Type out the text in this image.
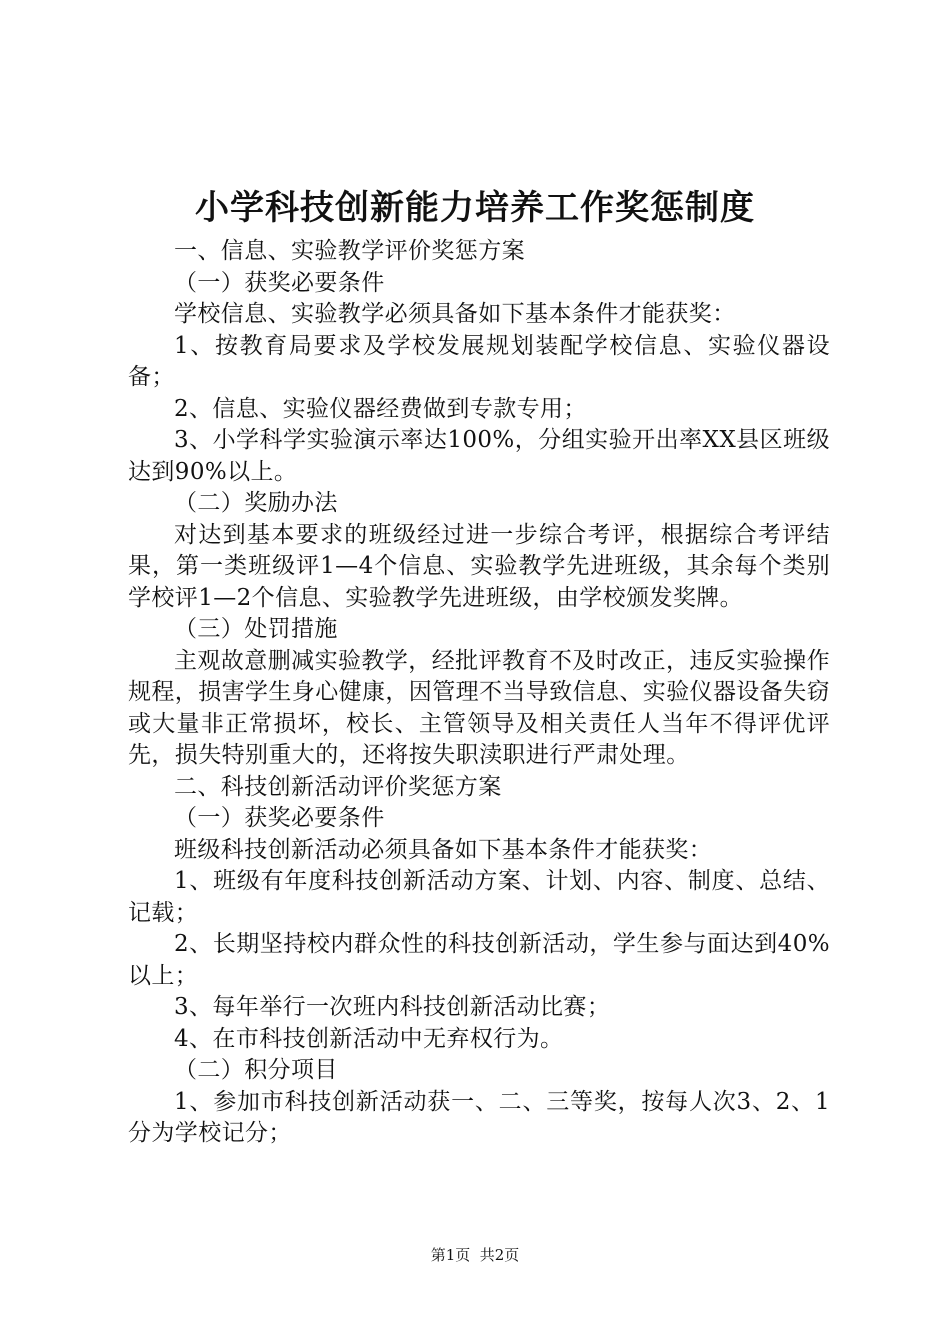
小学科技创新能力培养工作奖惩制度

一、信息、实验教学评价奖惩方案

（一）获奖必要条件

学校信息、实验教学必须具备如下基本条件才能获奖：

1、按教育局要求及学校发展规划装配学校信息、实验仪器设备；

2、信息、实验仪器经费做到专款专用；

3、小学科学实验演示率达100%，分组实验开出率XX县区班级达到90%以上。

（二）奖励办法

对达到基本要求的班级经过进一步综合考评，根据综合考评结果，第一类班级评1—4个信息、实验教学先进班级，其余每个类别学校评1—2个信息、实验教学先进班级，由学校颁发奖牌。

（三）处罚措施

主观故意删减实验教学，经批评教育不及时改正，违反实验操作规程，损害学生身心健康，因管理不当导致信息、实验仪器设备失窃或大量非正常损坏，校长、主管领导及相关责任人当年不得评优评先，损失特别重大的，还将按失职渎职进行严肃处理。

二、科技创新活动评价奖惩方案

（一）获奖必要条件

班级科技创新活动必须具备如下基本条件才能获奖：

1、班级有年度科技创新活动方案、计划、内容、制度、总结、记载；

2、长期坚持校内群众性的科技创新活动，学生参与面达到40%以上；

3、每年举行一次班内科技创新活动比赛；

4、在市科技创新活动中无弃权行为。

（二）积分项目

1、参加市科技创新活动获一、二、三等奖，按每人次3、2、1分为学校记分；

第1页  共2页
